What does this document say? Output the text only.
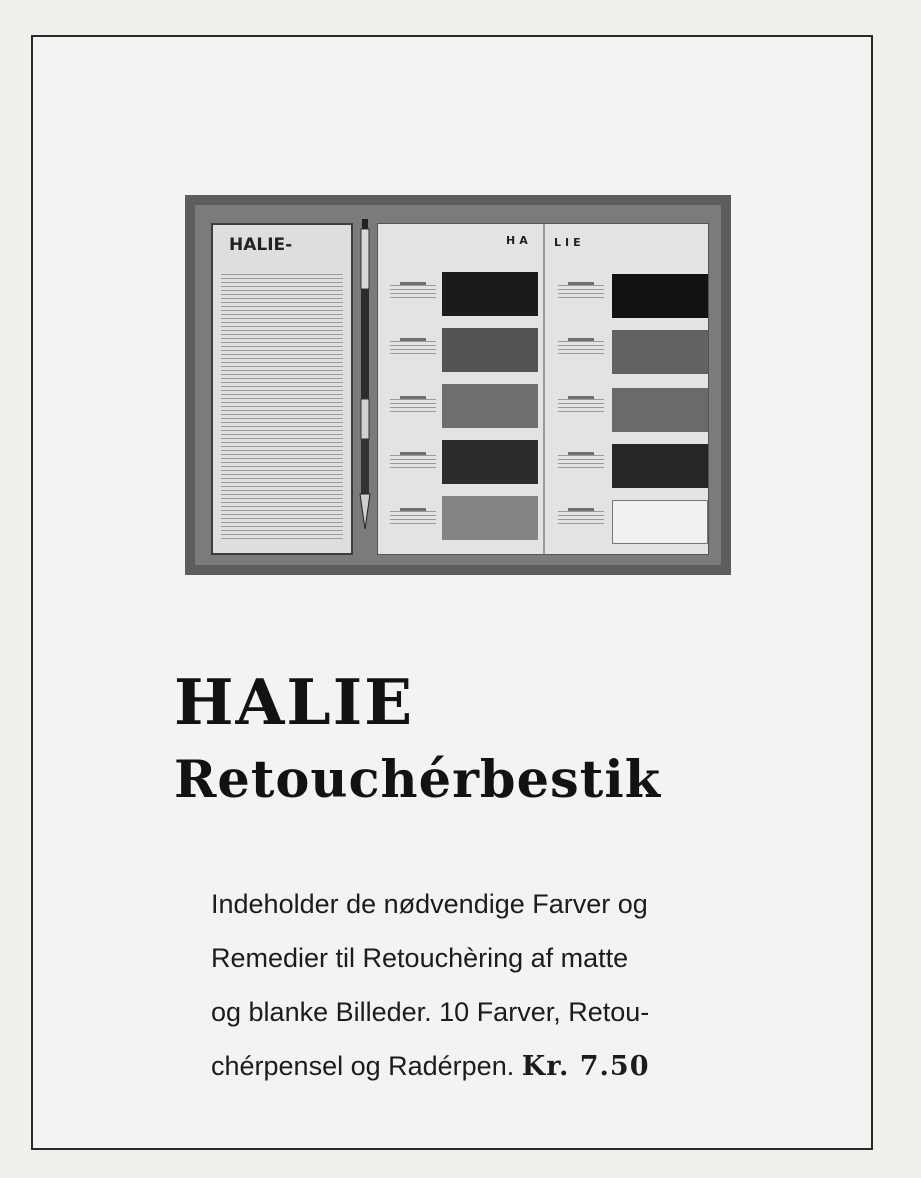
HALIE-	HA LIE
HALIE
Retouchérbestik
Indeholder de nødvendige Farver og
Remedier til Retouchèring af matte
og blanke Billeder. 10 Farver, Retou-
chérpensel og Radérpen. Kr. 7.50
